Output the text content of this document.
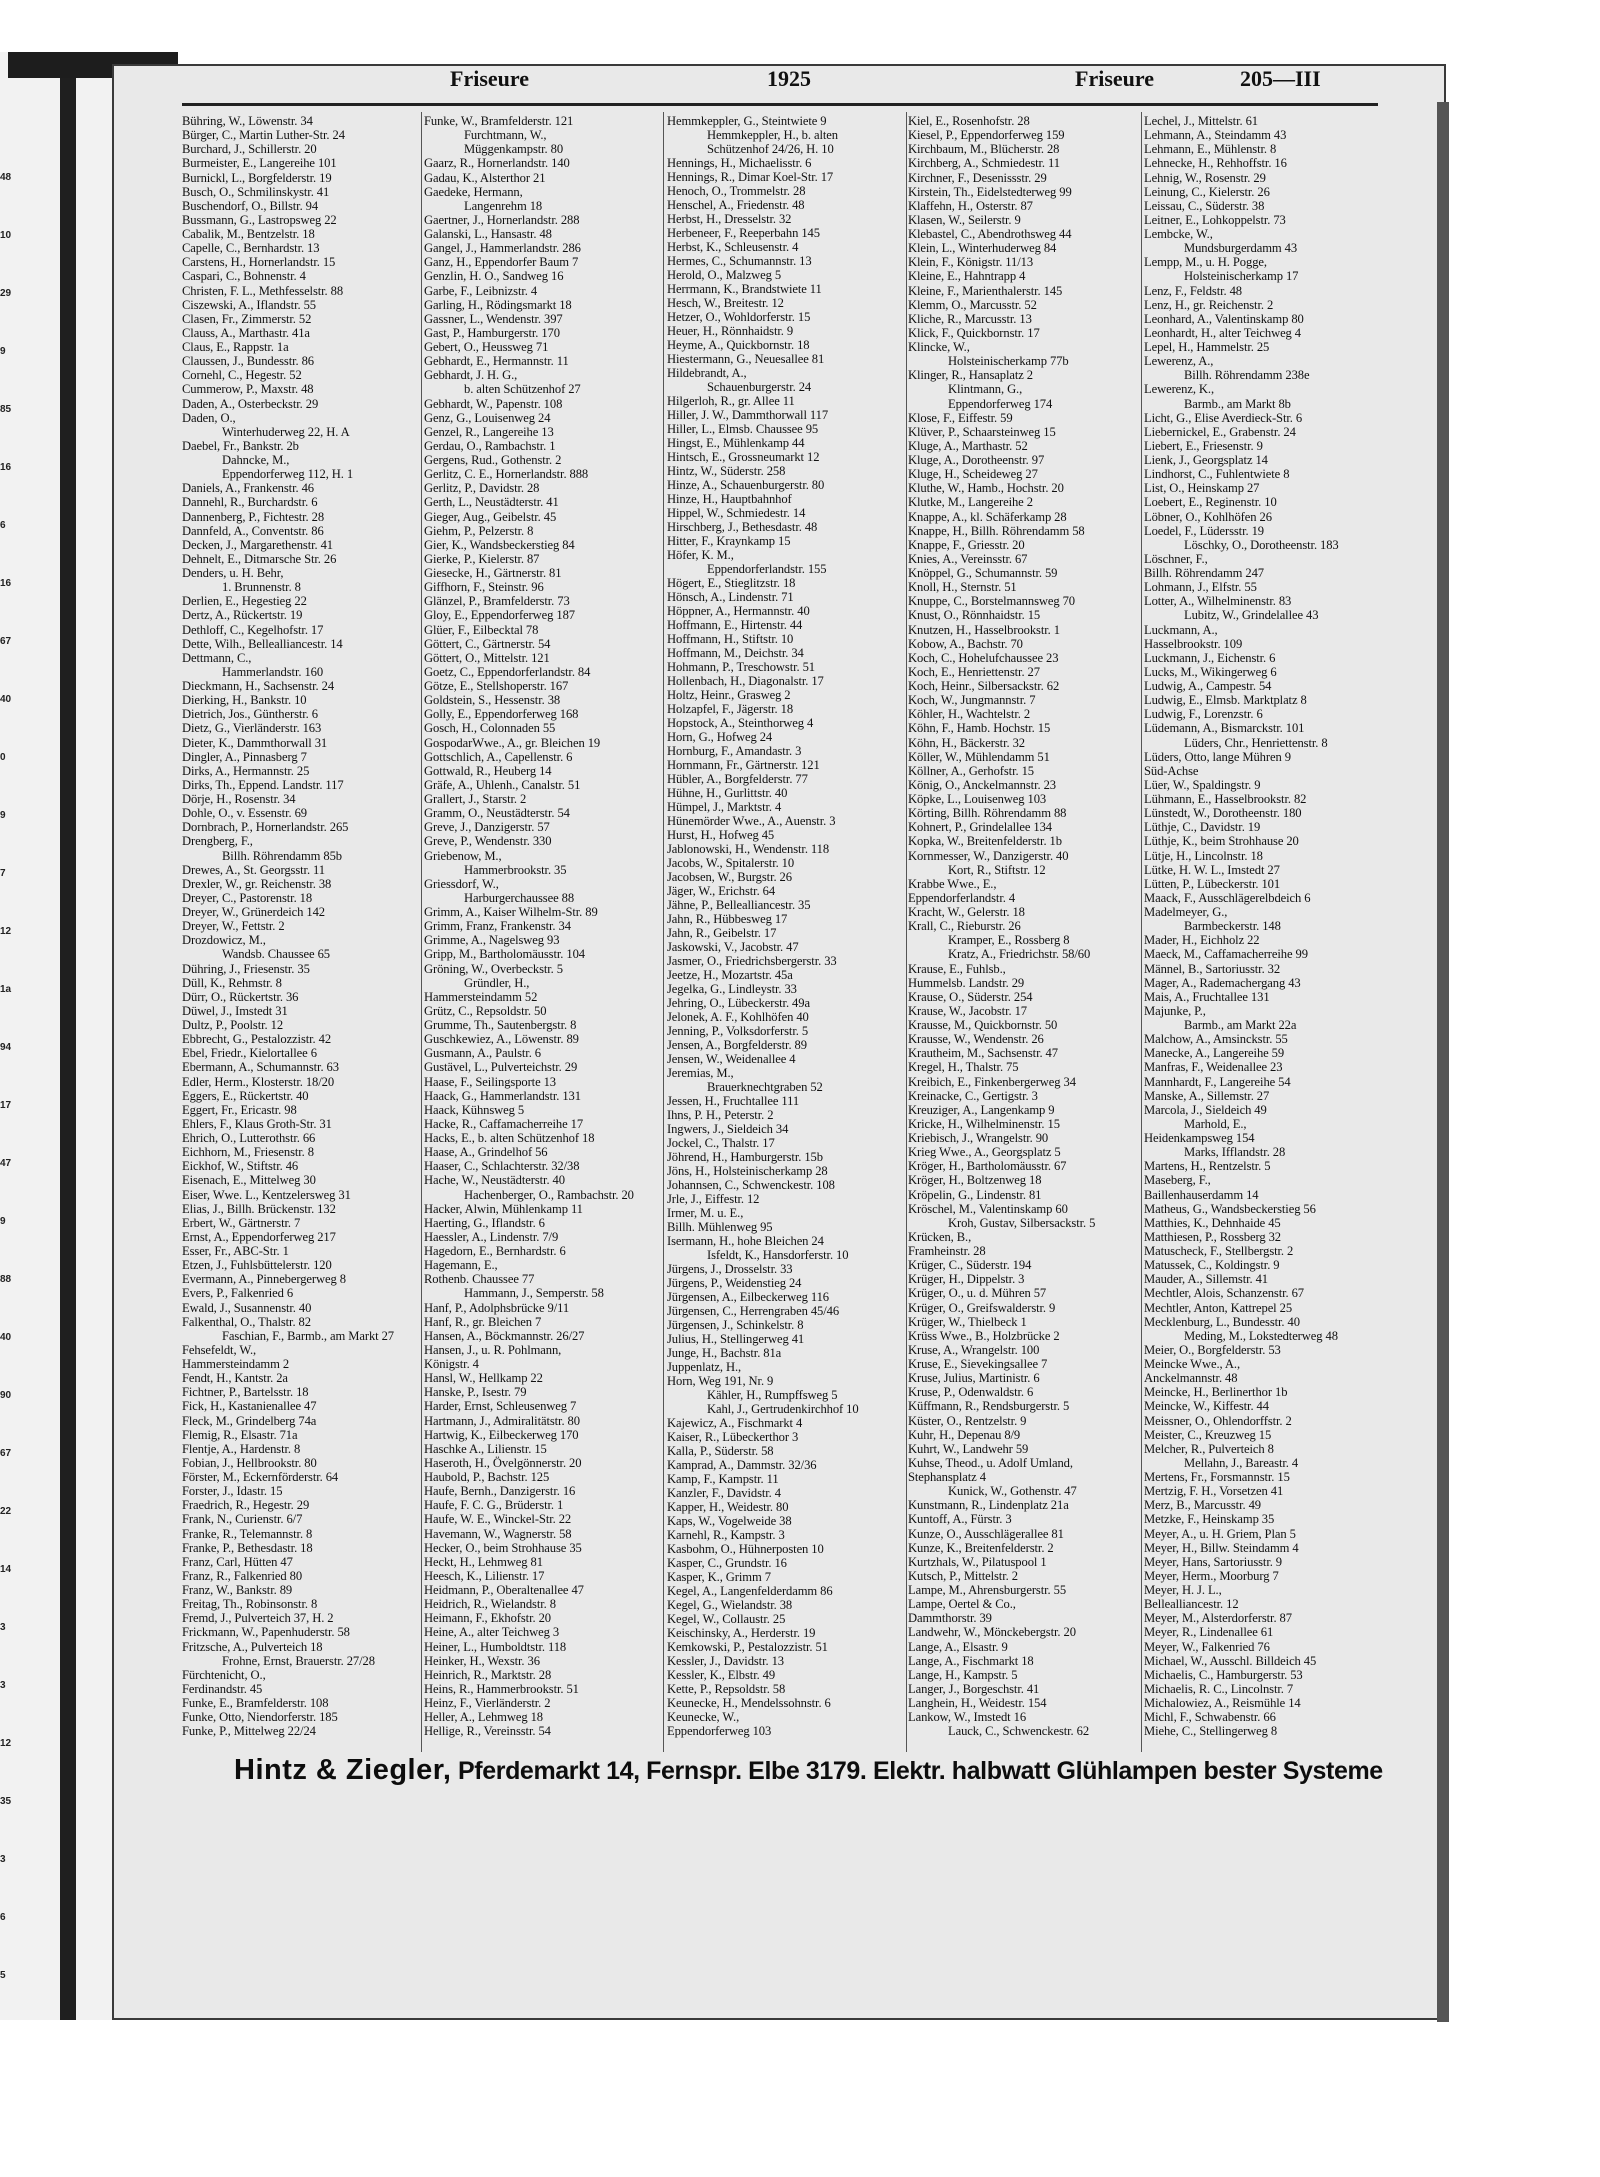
48
10
29
9
85
16
6
16
67
40
0
9
7
12
1a
94
17
47
9
88
40
90
67
22
14
3
3
12
35
3
6
5
Friseure	1925	Friseure	205—III
Bühring, W., Löwenstr. 34
Bürger, C., Martin Luther-Str. 24
Burchard, J., Schillerstr. 20
Burmeister, E., Langereihe 101
Burnickl, L., Borgfelderstr. 19
Busch, O., Schmilinskystr. 41
Buschendorf, O., Billstr. 94
Bussmann, G., Lastropsweg 22
Cabalik, M., Bentzelstr. 18
Capelle, C., Bernhardstr. 13
Carstens, H., Hornerlandstr. 15
Caspari, C., Bohnenstr. 4
Christen, F. L., Methfesselstr. 88
Ciszewski, A., Iflandstr. 55
Clasen, Fr., Zimmerstr. 52
Clauss, A., Marthastr. 41a
Claus, E., Rappstr. 1a
Claussen, J., Bundesstr. 86
Cornehl, C., Hegestr. 52
Cummerow, P., Maxstr. 48
Daden, A., Osterbeckstr. 29
Daden, O.,
Winterhuderweg 22, H. A
Daebel, Fr., Bankstr. 2b
Dahncke, M.,
Eppendorferweg 112, H. 1
Daniels, A., Frankenstr. 46
Dannehl, R., Burchardstr. 6
Dannenberg, P., Fichtestr. 28
Dannfeld, A., Conventstr. 86
Decken, J., Margarethenstr. 41
Dehnelt, E., Ditmarsche Str. 26
Denders, u. H. Behr,
1. Brunnenstr. 8
Derlien, E., Hegestieg 22
Dertz, A., Rückertstr. 19
Dethloff, C., Kegelhofstr. 17
Dette, Wilh., Bellealliancestr. 14
Dettmann, C.,
Hammerlandstr. 160
Dieckmann, H., Sachsenstr. 24
Dierking, H., Bankstr. 10
Dietrich, Jos., Güntherstr. 6
Dietz, G., Vierländerstr. 163
Dieter, K., Dammthorwall 31
Dingler, A., Pinnasberg 7
Dirks, A., Hermannstr. 25
Dirks, Th., Eppend. Landstr. 117
Dörje, H., Rosenstr. 34
Dohle, O., v. Essenstr. 69
Dornbrach, P., Hornerlandstr. 265
Drengberg, F.,
Billh. Röhrendamm 85b
Drewes, A., St. Georgsstr. 11
Drexler, W., gr. Reichenstr. 38
Dreyer, C., Pastorenstr. 18
Dreyer, W., Grünerdeich 142
Dreyer, W., Fettstr. 2
Drozdowicz, M.,
Wandsb. Chaussee 65
Dühring, J., Friesenstr. 35
Düll, K., Rehmstr. 8
Dürr, O., Rückertstr. 36
Düwel, J., Imstedt 31
Dultz, P., Poolstr. 12
Ebbrecht, G., Pestalozzistr. 42
Ebel, Friedr., Kielortallee 6
Ebermann, A., Schumannstr. 63
Edler, Herm., Klosterstr. 18/20
Eggers, E., Rückertstr. 40
Eggert, Fr., Ericastr. 98
Ehlers, F., Klaus Groth-Str. 31
Ehrich, O., Lutterothstr. 66
Eichhorn, M., Friesenstr. 8
Eickhof, W., Stiftstr. 46
Eisenach, E., Mittelweg 30
Eiser, Wwe. L., Kentzelersweg 31
Elias, J., Billh. Brückenstr. 132
Erbert, W., Gärtnerstr. 7
Ernst, A., Eppendorferweg 217
Esser, Fr., ABC-Str. 1
Etzen, J., Fuhlsbüttelerstr. 120
Evermann, A., Pinnebergerweg 8
Evers, P., Falkenried 6
Ewald, J., Susannenstr. 40
Falkenthal, O., Thalstr. 82
Faschian, F., Barmb., am Markt 27
Fehsefeldt, W.,
Hammersteindamm 2
Fendt, H., Kantstr. 2a
Fichtner, P., Bartelsstr. 18
Fick, H., Kastanienallee 47
Fleck, M., Grindelberg 74a
Flemig, R., Elsastr. 71a
Flentje, A., Hardenstr. 8
Fobian, J., Hellbrookstr. 80
Förster, M., Eckernförderstr. 64
Forster, J., Idastr. 15
Fraedrich, R., Hegestr. 29
Frank, N., Curienstr. 6/7
Franke, R., Telemannstr. 8
Franke, P., Bethesdastr. 18
Franz, Carl, Hütten 47
Franz, R., Falkenried 80
Franz, W., Bankstr. 89
Freitag, Th., Robinsonstr. 8
Fremd, J., Pulverteich 37, H. 2
Frickmann, W., Papenhuderstr. 58
Fritzsche, A., Pulverteich 18
Frohne, Ernst, Brauerstr. 27/28
Fürchtenicht, O.,
Ferdinandstr. 45
Funke, E., Bramfelderstr. 108
Funke, Otto, Niendorferstr. 185
Funke, P., Mittelweg 22/24
Funke, W., Bramfelderstr. 121
Furchtmann, W.,
Müggenkampstr. 80
Gaarz, R., Hornerlandstr. 140
Gadau, K., Alsterthor 21
Gaedeke, Hermann,
Langenrehm 18
Gaertner, J., Hornerlandstr. 288
Galanski, L., Hansastr. 48
Gangel, J., Hammerlandstr. 286
Ganz, H., Eppendorfer Baum 7
Genzlin, H. O., Sandweg 16
Garbe, F., Leibnizstr. 4
Garling, H., Rödingsmarkt 18
Gassner, L., Wendenstr. 397
Gast, P., Hamburgerstr. 170
Gebert, O., Heussweg 71
Gebhardt, E., Hermannstr. 11
Gebhardt, J. H. G.,
b. alten Schützenhof 27
Gebhardt, W., Papenstr. 108
Genz, G., Louisenweg 24
Genzel, R., Langereihe 13
Gerdau, O., Rambachstr. 1
Gergens, Rud., Gothenstr. 2
Gerlitz, C. E., Hornerlandstr. 888
Gerlitz, P., Davidstr. 28
Gerth, L., Neustädterstr. 41
Gieger, Aug., Geibelstr. 45
Giehm, P., Pelzerstr. 8
Gier, K., Wandsbeckerstieg 84
Gierke, P., Kielerstr. 87
Giesecke, H., Gärtnerstr. 81
Giffhorn, F., Steinstr. 96
Glänzel, P., Bramfelderstr. 73
Gloy, E., Eppendorferweg 187
Glüer, F., Eilbecktal 78
Göttert, C., Gärtnerstr. 54
Göttert, O., Mittelstr. 121
Goetz, C., Eppendorferlandstr. 84
Götze, E., Stellshoperstr. 167
Goldstein, S., Hessenstr. 38
Golly, E., Eppendorferweg 168
Gosch, H., Colonnaden 55
GospodarWwe., A., gr. Bleichen 19
Gottschlich, A., Capellenstr. 6
Gottwald, R., Heuberg 14
Gräfe, A., Uhlenh., Canalstr. 51
Grallert, J., Starstr. 2
Gramm, O., Neustädterstr. 54
Greve, J., Danzigerstr. 57
Greve, P., Wendenstr. 330
Griebenow, M.,
Hammerbrookstr. 35
Griessdorf, W.,
Harburgerchaussee 88
Grimm, A., Kaiser Wilhelm-Str. 89
Grimm, Franz, Frankenstr. 34
Grimme, A., Nagelsweg 93
Gripp, M., Bartholomäusstr. 104
Gröning, W., Overbeckstr. 5
Gründler, H.,
Hammersteindamm 52
Grütz, C., Repsoldstr. 50
Grumme, Th., Sautenbergstr. 8
Guschkewiez, A., Löwenstr. 89
Gusmann, A., Paulstr. 6
Gustävel, L., Pulverteichstr. 29
Haase, F., Seilingsporte 13
Haack, G., Hammerlandstr. 131
Haack, Kühnsweg 5
Hacke, R., Caffamacherreihe 17
Hacks, E., b. alten Schützenhof 18
Haase, A., Grindelhof 56
Haaser, C., Schlachterstr. 32/38
Hache, W., Neustädterstr. 40
Hachenberger, O., Rambachstr. 20
Hacker, Alwin, Mühlenkamp 11
Haerting, G., Iflandstr. 6
Haessler, A., Lindenstr. 7/9
Hagedorn, E., Bernhardstr. 6
Hagemann, E.,
Rothenb. Chaussee 77
Hammann, J., Semperstr. 58
Hanf, P., Adolphsbrücke 9/11
Hanf, R., gr. Bleichen 7
Hansen, A., Böckmannstr. 26/27
Hansen, J., u. R. Pohlmann,
Königstr. 4
Hansl, W., Hellkamp 22
Hanske, P., Isestr. 79
Harder, Ernst, Schleusenweg 7
Hartmann, J., Admiralitätstr. 80
Hartwig, K., Eilbeckerweg 170
Haschke A., Lilienstr. 15
Haseroth, H., Övelgönnerstr. 20
Haubold, P., Bachstr. 125
Haufe, Bernh., Danzigerstr. 16
Haufe, F. C. G., Brüderstr. 1
Haufe, W. E., Winckel-Str. 22
Havemann, W., Wagnerstr. 58
Hecker, O., beim Strohhause 35
Heckt, H., Lehmweg 81
Heesch, K., Lilienstr. 17
Heidmann, P., Oberaltenallee 47
Heidrich, R., Wielandstr. 8
Heimann, F., Ekhofstr. 20
Heine, A., alter Teichweg 3
Heiner, L., Humboldtstr. 118
Heinker, H., Wexstr. 36
Heinrich, R., Marktstr. 28
Heins, R., Hammerbrookstr. 51
Heinz, F., Vierländerstr. 2
Heller, A., Lehmweg 18
Hellige, R., Vereinsstr. 54
Hemmkeppler, G., Steintwiete 9
Hemmkeppler, H., b. alten
Schützenhof 24/26, H. 10
Hennings, H., Michaelisstr. 6
Hennings, R., Dimar Koel-Str. 17
Henoch, O., Trommelstr. 28
Henschel, A., Friedenstr. 48
Herbst, H., Dresselstr. 32
Herbeneer, F., Reeperbahn 145
Herbst, K., Schleusenstr. 4
Hermes, C., Schumannstr. 13
Herold, O., Malzweg 5
Herrmann, K., Brandstwiete 11
Hesch, W., Breitestr. 12
Hetzer, O., Wohldorferstr. 15
Heuer, H., Rönnhaidstr. 9
Heyme, A., Quickbornstr. 18
Hiestermann, G., Neuesallee 81
Hildebrandt, A.,
Schauenburgerstr. 24
Hilgerloh, R., gr. Allee 11
Hiller, J. W., Dammthorwall 117
Hiller, L., Elmsb. Chaussee 95
Hingst, E., Mühlenkamp 44
Hintsch, E., Grossneumarkt 12
Hintz, W., Süderstr. 258
Hinze, A., Schauenburgerstr. 80
Hinze, H., Hauptbahnhof
Hippel, W., Schmiedestr. 14
Hirschberg, J., Bethesdastr. 48
Hitter, F., Kraynkamp 15
Höfer, K. M.,
Eppendorferlandstr. 155
Högert, E., Stieglitzstr. 18
Hönsch, A., Lindenstr. 71
Höppner, A., Hermannstr. 40
Hoffmann, E., Hirtenstr. 44
Hoffmann, H., Stiftstr. 10
Hoffmann, M., Deichstr. 34
Hohmann, P., Treschowstr. 51
Hollenbach, H., Diagonalstr. 17
Holtz, Heinr., Grasweg 2
Holzapfel, F., Jägerstr. 18
Hopstock, A., Steinthorweg 4
Horn, G., Hofweg 24
Hornburg, F., Amandastr. 3
Hornmann, Fr., Gärtnerstr. 121
Hübler, A., Borgfelderstr. 77
Hühne, H., Gurlittstr. 40
Hümpel, J., Marktstr. 4
Hünemörder Wwe., A., Auenstr. 3
Hurst, H., Hofweg 45
Jablonowski, H., Wendenstr. 118
Jacobs, W., Spitalerstr. 10
Jacobsen, W., Burgstr. 26
Jäger, W., Erichstr. 64
Jähne, P., Bellealliancestr. 35
Jahn, R., Hübbesweg 17
Jahn, R., Geibelstr. 17
Jaskowski, V., Jacobstr. 47
Jasmer, O., Friedrichsbergerstr. 33
Jeetze, H., Mozartstr. 45a
Jegelka, G., Lindleystr. 33
Jehring, O., Lübeckerstr. 49a
Jelonek, A. F., Kohlhöfen 40
Jenning, P., Volksdorferstr. 5
Jensen, A., Borgfelderstr. 89
Jensen, W., Weidenallee 4
Jeremias, M.,
Brauerknechtgraben 52
Jessen, H., Fruchtallee 111
Ihns, P. H., Peterstr. 2
Ingwers, J., Sieldeich 34
Jockel, C., Thalstr. 17
Jöhrend, H., Hamburgerstr. 15b
Jöns, H., Holsteinischerkamp 28
Johannsen, C., Schwenckestr. 108
Jrle, J., Eiffestr. 12
Irmer, M. u. E.,
Billh. Mühlenweg 95
Isermann, H., hohe Bleichen 24
Isfeldt, K., Hansdorferstr. 10
Jürgens, J., Drosselstr. 33
Jürgens, P., Weidenstieg 24
Jürgensen, A., Eilbeckerweg 116
Jürgensen, C., Herrengraben 45/46
Jürgensen, J., Schinkelstr. 8
Julius, H., Stellingerweg 41
Junge, H., Bachstr. 81a
Juppenlatz, H.,
Horn, Weg 191, Nr. 9
Kähler, H., Rumpffsweg 5
Kahl, J., Gertrudenkirchhof 10
Kajewicz, A., Fischmarkt 4
Kaiser, R., Lübeckerthor 3
Kalla, P., Süderstr. 58
Kamprad, A., Dammstr. 32/36
Kamp, F., Kampstr. 11
Kanzler, F., Davidstr. 4
Kapper, H., Weidestr. 80
Kaps, W., Vogelweide 38
Karnehl, R., Kampstr. 3
Kasbohm, O., Hühnerposten 10
Kasper, C., Grundstr. 16
Kasper, K., Grimm 7
Kegel, A., Langenfelderdamm 86
Kegel, G., Wielandstr. 38
Kegel, W., Collaustr. 25
Keischinsky, A., Herderstr. 19
Kemkowski, P., Pestalozzistr. 51
Kessler, J., Davidstr. 13
Kessler, K., Elbstr. 49
Kette, P., Repsoldstr. 58
Keunecke, H., Mendelssohnstr. 6
Keunecke, W.,
Eppendorferweg 103
Kiel, E., Rosenhofstr. 28
Kiesel, P., Eppendorferweg 159
Kirchbaum, M., Blücherstr. 28
Kirchberg, A., Schmiedestr. 11
Kirchner, F., Desenissstr. 29
Kirstein, Th., Eidelstedterweg 99
Klaffehn, H., Osterstr. 87
Klasen, W., Seilerstr. 9
Klebastel, C., Abendrothsweg 44
Klein, L., Winterhuderweg 84
Klein, F., Königstr. 11/13
Kleine, E., Hahntrapp 4
Kleine, F., Marienthalerstr. 145
Klemm, O., Marcusstr. 52
Kliche, R., Marcusstr. 13
Klick, F., Quickbornstr. 17
Klincke, W.,
Holsteinischerkamp 77b
Klinger, R., Hansaplatz 2
Klintmann, G.,
Eppendorferweg 174
Klose, F., Eiffestr. 59
Klüver, P., Schaarsteinweg 15
Kluge, A., Marthastr. 52
Kluge, A., Dorotheenstr. 97
Kluge, H., Scheideweg 27
Kluthe, W., Hamb., Hochstr. 20
Klutke, M., Langereihe 2
Knappe, A., kl. Schäferkamp 28
Knappe, H., Billh. Röhrendamm 58
Knappe, F., Griesstr. 20
Knies, A., Vereinsstr. 67
Knöppel, G., Schumannstr. 59
Knoll, H., Sternstr. 51
Knuppe, C., Borstelmannsweg 70
Knust, O., Rönnhaidstr. 15
Knutzen, H., Hasselbrookstr. 1
Kobow, A., Bachstr. 70
Koch, C., Hohelufchaussee 23
Koch, E., Henriettenstr. 27
Koch, Heinr., Silbersackstr. 62
Koch, W., Jungmannstr. 7
Köhler, H., Wachtelstr. 2
Köhn, F., Hamb. Hochstr. 15
Köhn, H., Bäckerstr. 32
Köller, W., Mühlendamm 51
Köllner, A., Gerhofstr. 15
König, O., Anckelmannstr. 23
Köpke, L., Louisenweg 103
Körting, Billh. Röhrendamm 88
Kohnert, P., Grindelallee 134
Kopka, W., Breitenfelderstr. 1b
Kornmesser, W., Danzigerstr. 40
Kort, R., Stiftstr. 12
Krabbe Wwe., E.,
Eppendorferlandstr. 4
Kracht, W., Gelerstr. 18
Krall, C., Rieburstr. 26
Kramper, E., Rossberg 8
Kratz, A., Friedrichstr. 58/60
Krause, E., Fuhlsb.,
Hummelsb. Landstr. 29
Krause, O., Süderstr. 254
Krause, W., Jacobstr. 17
Krausse, M., Quickbornstr. 50
Krausse, W., Wendenstr. 26
Krautheim, M., Sachsenstr. 47
Kregel, H., Thalstr. 75
Kreibich, E., Finkenbergerweg 34
Kreinacke, C., Gertigstr. 3
Kreuziger, A., Langenkamp 9
Kricke, H., Wilhelminenstr. 15
Kriebisch, J., Wrangelstr. 90
Krieg Wwe., A., Georgsplatz 5
Kröger, H., Bartholomäusstr. 67
Kröger, H., Boltzenweg 18
Kröpelin, G., Lindenstr. 81
Kröschel, M., Valentinskamp 60
Kroh, Gustav, Silbersackstr. 5
Krücken, B.,
Framheinstr. 28
Krüger, C., Süderstr. 194
Krüger, H., Dippelstr. 3
Krüger, O., u. d. Mühren 57
Krüger, O., Greifswalderstr. 9
Krüger, W., Thielbeck 1
Krüss Wwe., B., Holzbrücke 2
Kruse, A., Wrangelstr. 100
Kruse, E., Sievekingsallee 7
Kruse, Julius, Martinistr. 6
Kruse, P., Odenwaldstr. 6
Küffmann, R., Rendsburgerstr. 5
Küster, O., Rentzelstr. 9
Kuhr, H., Depenau 8/9
Kuhrt, W., Landwehr 59
Kuhse, Theod., u. Adolf Umland,
Stephansplatz 4
Kunick, W., Gothenstr. 47
Kunstmann, R., Lindenplatz 21a
Kuntoff, A., Fürstr. 3
Kunze, O., Ausschlägerallee 81
Kunze, K., Breitenfelderstr. 2
Kurtzhals, W., Pilatuspool 1
Kutsch, P., Mittelstr. 2
Lampe, M., Ahrensburgerstr. 55
Lampe, Oertel & Co.,
Dammthorstr. 39
Landwehr, W., Mönckebergstr. 20
Lange, A., Elsastr. 9
Lange, A., Fischmarkt 18
Lange, H., Kampstr. 5
Langer, J., Borgeschstr. 41
Langhein, H., Weidestr. 154
Lankow, W., Imstedt 16
Lauck, C., Schwenckestr. 62
Lechel, J., Mittelstr. 61
Lehmann, A., Steindamm 43
Lehmann, E., Mühlenstr. 8
Lehnecke, H., Rehhoffstr. 16
Lehnig, W., Rosenstr. 29
Leinung, C., Kielerstr. 26
Leissau, C., Süderstr. 38
Leitner, E., Lohkoppelstr. 73
Lembcke, W.,
Mundsburgerdamm 43
Lempp, M., u. H. Pogge,
Holsteinischerkamp 17
Lenz, F., Feldstr. 48
Lenz, H., gr. Reichenstr. 2
Leonhard, A., Valentinskamp 80
Leonhardt, H., alter Teichweg 4
Lepel, H., Hammelstr. 25
Lewerenz, A.,
Billh. Röhrendamm 238e
Lewerenz, K.,
Barmb., am Markt 8b
Licht, G., Elise Averdieck-Str. 6
Liebernickel, E., Grabenstr. 24
Liebert, E., Friesenstr. 9
Lienk, J., Georgsplatz 14
Lindhorst, C., Fuhlentwiete 8
List, O., Heinskamp 27
Loebert, E., Reginenstr. 10
Löbner, O., Kohlhöfen 26
Loedel, F., Lüdersstr. 19
Löschky, O., Dorotheenstr. 183
Löschner, F.,
Billh. Röhrendamm 247
Lohmann, J., Elfstr. 55
Lotter, A., Wilhelminenstr. 83
Lubitz, W., Grindelallee 43
Luckmann, A.,
Hasselbrookstr. 109
Luckmann, J., Eichenstr. 6
Lucks, M., Wikingerweg 6
Ludwig, A., Campestr. 54
Ludwig, E., Elmsb. Marktplatz 8
Ludwig, F., Lorenzstr. 6
Lüdemann, A., Bismarckstr. 101
Lüders, Chr., Henriettenstr. 8
Lüders, Otto, lange Mühren 9
Süd-Achse
Lüer, W., Spaldingstr. 9
Lühmann, E., Hasselbrookstr. 82
Lünstedt, W., Dorotheenstr. 180
Lüthje, C., Davidstr. 19
Lüthje, K., beim Strohhause 20
Lütje, H., Lincolnstr. 18
Lütke, H. W. L., Imstedt 27
Lütten, P., Lübeckerstr. 101
Maack, F., Ausschlägerelbdeich 6
Madelmeyer, G.,
Barmbeckerstr. 148
Mader, H., Eichholz 22
Maeck, M., Caffamacherreihe 99
Männel, B., Sartoriusstr. 32
Mager, A., Rademachergang 43
Mais, A., Fruchtallee 131
Majunke, P.,
Barmb., am Markt 22a
Malchow, A., Amsinckstr. 55
Manecke, A., Langereihe 59
Manfras, F., Weidenallee 23
Mannhardt, F., Langereihe 54
Manske, A., Sillemstr. 27
Marcola, J., Sieldeich 49
Marhold, E.,
Heidenkampsweg 154
Marks, Ifflandstr. 28
Martens, H., Rentzelstr. 5
Maseberg, F.,
Baillenhauserdamm 14
Matheus, G., Wandsbeckerstieg 56
Matthies, K., Dehnhaide 45
Matthiesen, P., Rossberg 32
Matuscheck, F., Stellbergstr. 2
Matussek, C., Koldingstr. 9
Mauder, A., Sillemstr. 41
Mechtler, Alois, Schanzenstr. 67
Mechtler, Anton, Kattrepel 25
Mecklenburg, L., Bundesstr. 40
Meding, M., Lokstedterweg 48
Meier, O., Borgfelderstr. 53
Meincke Wwe., A.,
Anckelmannstr. 48
Meincke, H., Berlinerthor 1b
Meincke, W., Kiffestr. 44
Meissner, O., Ohlendorffstr. 2
Meister, C., Kreuzweg 15
Melcher, R., Pulverteich 8
Mellahn, J., Bareastr. 4
Mertens, Fr., Forsmannstr. 15
Mertzig, F. H., Vorsetzen 41
Merz, B., Marcusstr. 49
Metzke, F., Heinskamp 35
Meyer, A., u. H. Griem, Plan 5
Meyer, H., Billw. Steindamm 4
Meyer, Hans, Sartoriusstr. 9
Meyer, Herm., Moorburg 7
Meyer, H. J. L.,
Bellealliancestr. 12
Meyer, M., Alsterdorferstr. 87
Meyer, R., Lindenallee 61
Meyer, W., Falkenried 76
Michael, W., Ausschl. Billdeich 45
Michaelis, C., Hamburgerstr. 53
Michaelis, R. C., Lincolnstr. 7
Michalowiez, A., Reismühle 14
Michl, F., Schwabenstr. 66
Miehe, C., Stellingerweg 8
Hintz & Ziegler, Pferdemarkt 14, Fernspr. Elbe 3179. Elektr. halbwatt Glühlampen bester Systeme
